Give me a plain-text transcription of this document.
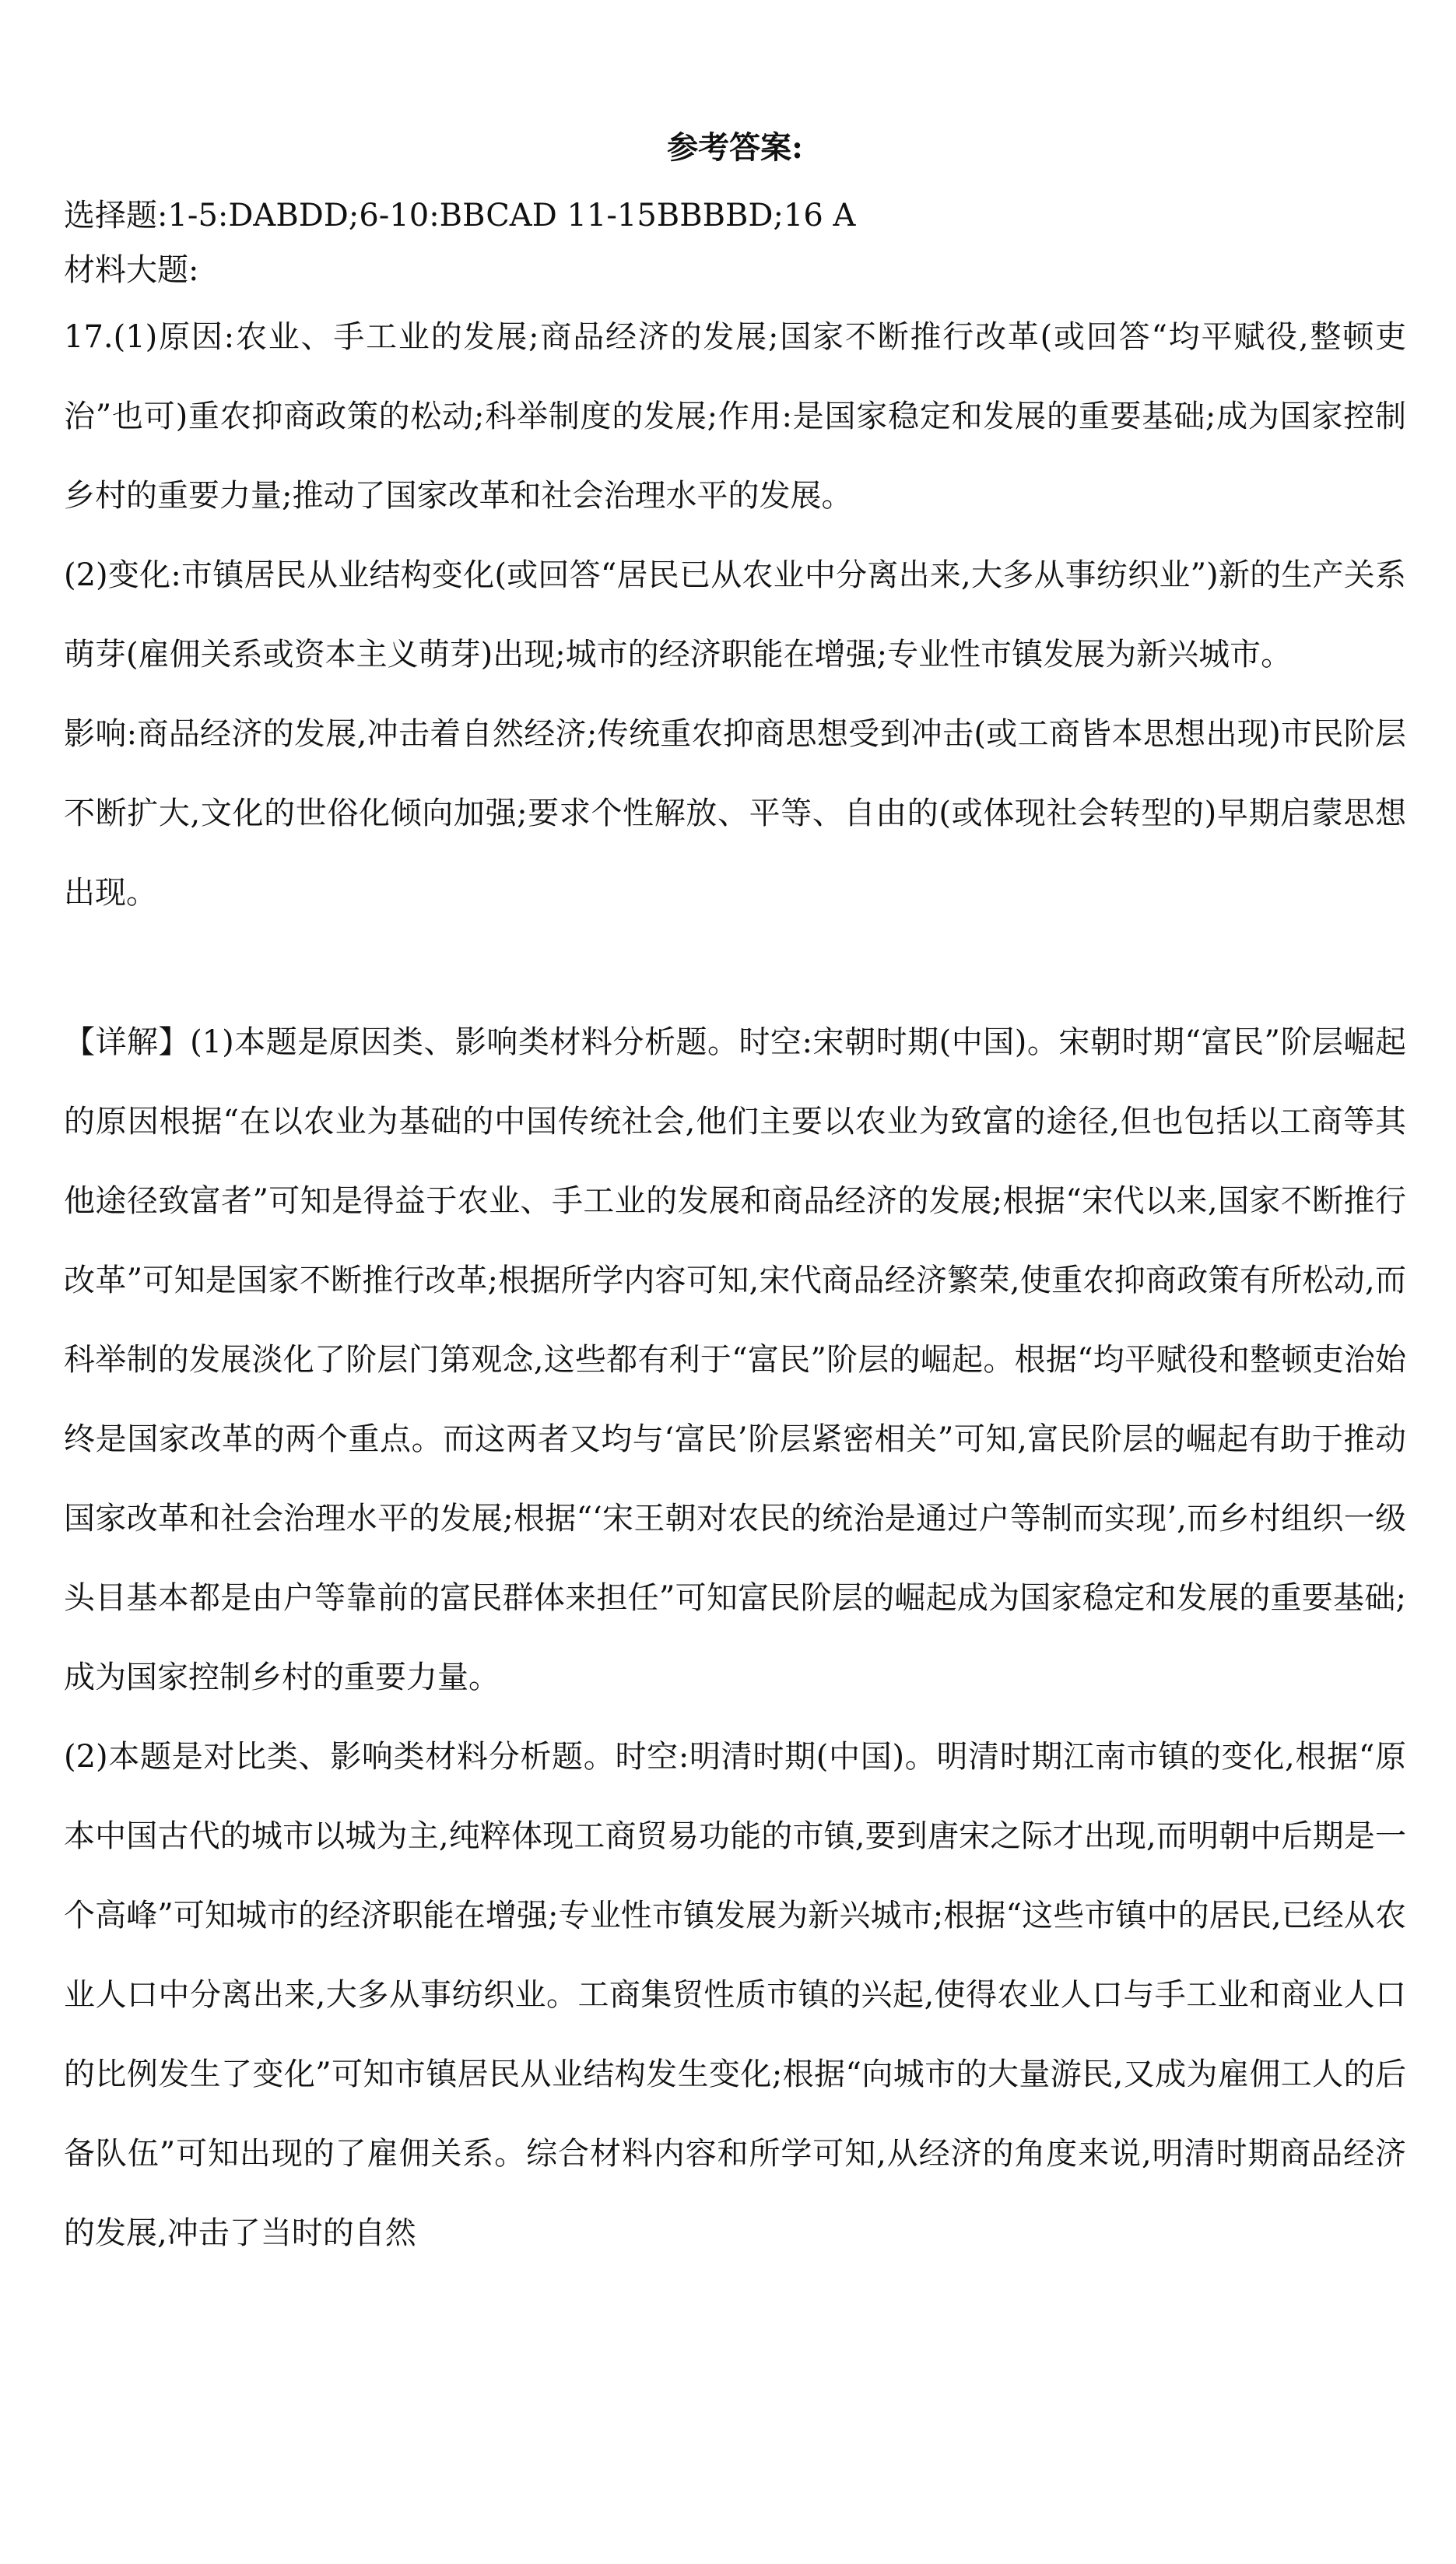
参考答案:

选择题:1-5:DABDD;6-10:BBCAD 11-15BBBBD;16 A

材料大题:

17.(1)原因:农业、手工业的发展;商品经济的发展;国家不断推行改革(或回答“均平赋役,整顿吏治”也可)重农抑商政策的松动;科举制度的发展;作用:是国家稳定和发展的重要基础;成为国家控制乡村的重要力量;推动了国家改革和社会治理水平的发展。

(2)变化:市镇居民从业结构变化(或回答“居民已从农业中分离出来,大多从事纺织业”)新的生产关系萌芽(雇佣关系或资本主义萌芽)出现;城市的经济职能在增强;专业性市镇发展为新兴城市。

影响:商品经济的发展,冲击着自然经济;传统重农抑商思想受到冲击(或工商皆本思想出现)市民阶层不断扩大,文化的世俗化倾向加强;要求个性解放、平等、自由的(或体现社会转型的)早期启蒙思想出现。

【详解】(1)本题是原因类、影响类材料分析题。时空:宋朝时期(中国)。宋朝时期“富民”阶层崛起的原因根据“在以农业为基础的中国传统社会,他们主要以农业为致富的途径,但也包括以工商等其他途径致富者”可知是得益于农业、手工业的发展和商品经济的发展;根据“宋代以来,国家不断推行改革”可知是国家不断推行改革;根据所学内容可知,宋代商品经济繁荣,使重农抑商政策有所松动,而科举制的发展淡化了阶层门第观念,这些都有利于“富民”阶层的崛起。根据“均平赋役和整顿吏治始终是国家改革的两个重点。而这两者又均与‘富民’阶层紧密相关”可知,富民阶层的崛起有助于推动国家改革和社会治理水平的发展;根据“‘宋王朝对农民的统治是通过户等制而实现’,而乡村组织一级头目基本都是由户等靠前的富民群体来担任”可知富民阶层的崛起成为国家稳定和发展的重要基础;成为国家控制乡村的重要力量。

(2)本题是对比类、影响类材料分析题。时空:明清时期(中国)。明清时期江南市镇的变化,根据“原本中国古代的城市以城为主,纯粹体现工商贸易功能的市镇,要到唐宋之际才出现,而明朝中后期是一个高峰”可知城市的经济职能在增强;专业性市镇发展为新兴城市;根据“这些市镇中的居民,已经从农业人口中分离出来,大多从事纺织业。工商集贸性质市镇的兴起,使得农业人口与手工业和商业人口的比例发生了变化”可知市镇居民从业结构发生变化;根据“向城市的大量游民,又成为雇佣工人的后备队伍”可知出现的了雇佣关系。综合材料内容和所学可知,从经济的角度来说,明清时期商品经济的发展,冲击了当时的自然
